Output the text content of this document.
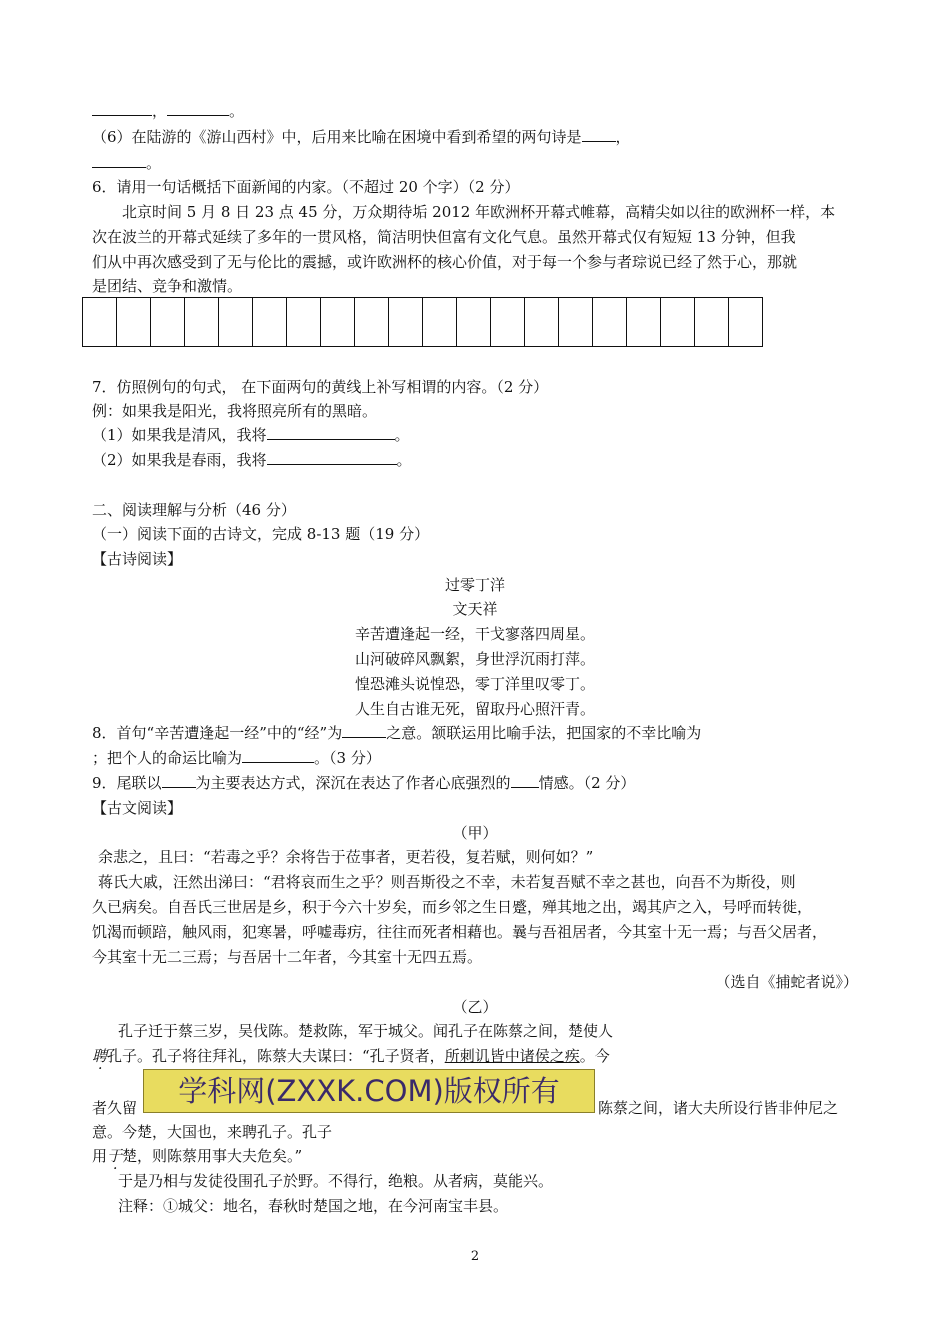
，	。
（6）在陆游的《游山西村》中，后用来比喻在困境中看到希望的两句诗是 ，
。
6．请用一句话概括下面新闻的内家。（不超过 20 个字）（2 分）
北京时间 5 月 8 日 23 点 45 分，万众期待垢 2012 年欧洲杯开幕式帷幕，高精尖如以往的欧洲杯一样，本
次在波兰的开幕式延续了多年的一贯风格，简洁明快但富有文化气息。虽然开幕式仅有短短 13 分钟，但我
们从中再次感受到了无与伦比的震撼，或许欧洲杯的核心价值，对于每一个参与者琮说已经了然于心，那就
是团结、竞争和激情。
7．仿照例句的句式， 在下面两句的黄线上补写相谓的内容。（2 分）
例：如果我是阳光，我将照亮所有的黑暗。
（1）如果我是清风，我将	。
（2）如果我是春雨，我将	。
二、阅读理解与分析（46 分）
（一）阅读下面的古诗文，完成 8-13 题（19 分）
【古诗阅读】
过零丁洋
文天祥
辛苦遭逢起一经，干戈寥落四周星。
山河破碎风飘絮，身世浮沉雨打萍。
惶恐滩头说惶恐，零丁洋里叹零丁。
人生自古谁无死，留取丹心照汗青。
8．首句“辛苦遭逢起一经”中的“经”为	之意。颔联运用比喻手法，把国家的不幸比喻为
；把个人的命运比喻为	。（3 分）
9．尾联以 为主要表达方式，深沉在表达了作者心底强烈的 情感。（2 分）
【古文阅读】
（甲）
余悲之，且曰：“若毒之乎？余将告于莅事者，更若役，复若赋，则何如？”
蒋氏大戚，汪然出涕曰：“君将哀而生之乎？则吾斯役之不幸，未若复吾赋不幸之甚也，向吾不为斯役，则
久已病矣。自吾氏三世居是乡，积于今六十岁矣，而乡邻之生日蹙，殚其地之出，竭其庐之入，号呼而转徙，
饥渴而顿踣，触风雨，犯寒暑，呼嘘毒疠，往往而死者相藉也。曩与吾祖居者，今其室十无一焉；与吾父居者，
今其室十无二三焉；与吾居十二年者，今其室十无四五焉。
（选自《捕蛇者说》）
（乙）
孔子迁于蔡三岁，吴伐陈。楚救陈，军于城父。闻孔子在陈蔡之间，楚使人
聘孔子。孔子将往拜礼，陈蔡大夫谋曰：“孔子贤者，所刺讥皆中诸侯之疾。今
者久留	陈蔡之间，诸大夫所设行皆非仲尼之
学科网(ZXXK.COM)版权所有
意。今楚，大国也，来聘孔子。孔子
用于楚，则陈蔡用事大夫危矣。”
于是乃相与发徒役围孔子於野。不得行，绝粮。从者病，莫能兴。
注释：①城父：地名，春秋时楚国之地，在今河南宝丰县。
2
